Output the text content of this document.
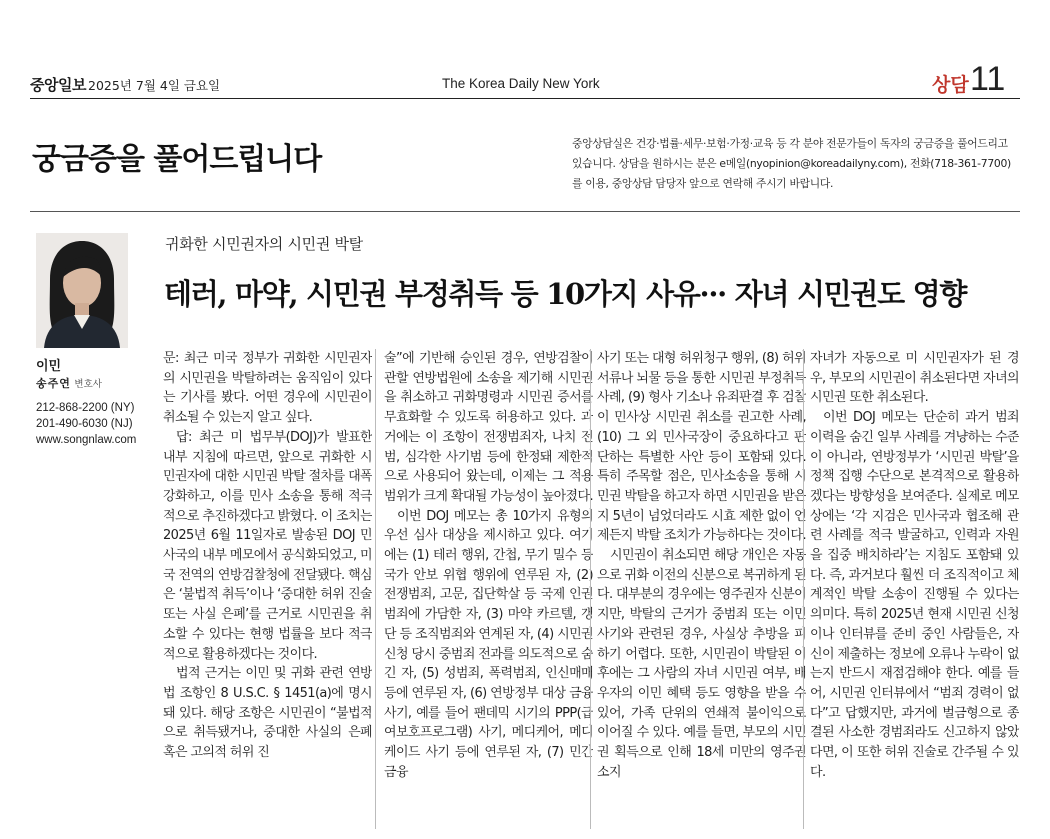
중앙일보 2025년 7월 4일 금요일	The Korea Daily New York	상담 11
궁금증을 풀어드립니다	중앙상담실은 건강·법률·세무·보험·가정·교육 등 각 분야 전문가들이 독자의 궁금증을 풀어드리고 있습니다. 상담을 원하시는 분은 e메일(nyopinion@koreadailyny.com), 전화(718-361-7700)를 이용, 중앙상담 담당자 앞으로 연락해 주시기 바랍니다.
이민
송주연 변호사
212-868-2200 (NY)
201-490-6030 (NJ)
www.songnlaw.com
귀화한 시민권자의 시민권 박탈
테러, 마약, 시민권 부정취득 등 10가지 사유··· 자녀 시민권도 영향

문: 최근 미국 정부가 귀화한 시민권자의 시민권을 박탈하려는 움직임이 있다는 기사를 봤다. 어떤 경우에 시민권이 취소될 수 있는지 알고 싶다.

답: 최근 미 법무부(DOJ)가 발표한 내부 지침에 따르면, 앞으로 귀화한 시민권자에 대한 시민권 박탈 절차를 대폭 강화하고, 이를 민사 소송을 통해 적극적으로 추진하겠다고 밝혔다. 이 조치는 2025년 6월 11일자로 발송된 DOJ 민사국의 내부 메모에서 공식화되었고, 미국 전역의 연방검찰청에 전달됐다. 핵심은 ‘불법적 취득’이나 ‘중대한 허위 진술 또는 사실 은폐’를 근거로 시민권을 취소할 수 있다는 현행 법률을 보다 적극적으로 활용하겠다는 것이다.

법적 근거는 이민 및 귀화 관련 연방법 조항인 8 U.S.C. § 1451(a)에 명시돼 있다. 해당 조항은 시민권이 “불법적으로 취득됐거나, 중대한 사실의 은폐 혹은 고의적 허위 진

술”에 기반해 승인된 경우, 연방검찰이 관할 연방법원에 소송을 제기해 시민권을 취소하고 귀화명령과 시민권 증서를 무효화할 수 있도록 허용하고 있다. 과거에는 이 조항이 전쟁범죄자, 나치 전범, 심각한 사기범 등에 한정돼 제한적으로 사용되어 왔는데, 이제는 그 적용 범위가 크게 확대될 가능성이 높아졌다.

이번 DOJ 메모는 총 10가지 유형의 우선 심사 대상을 제시하고 있다. 여기에는 (1) 테러 행위, 간첩, 무기 밀수 등 국가 안보 위협 행위에 연루된 자, (2) 전쟁범죄, 고문, 집단학살 등 국제 인권범죄에 가담한 자, (3) 마약 카르텔, 갱단 등 조직범죄와 연계된 자, (4) 시민권 신청 당시 중범죄 전과를 의도적으로 숨긴 자, (5) 성범죄, 폭력범죄, 인신매매 등에 연루된 자, (6) 연방정부 대상 금융사기, 예를 들어 팬데믹 시기의 PPP(급여보호프로그램) 사기, 메디케어, 메디케이드 사기 등에 연루된 자, (7) 민간 금융

사기 또는 대형 허위청구 행위, (8) 허위서류나 뇌물 등을 통한 시민권 부정취득 사례, (9) 형사 기소나 유죄판결 후 검찰이 민사상 시민권 취소를 권고한 사례, (10) 그 외 민사국장이 중요하다고 판단하는 특별한 사안 등이 포함돼 있다. 특히 주목할 점은, 민사소송을 통해 시민권 박탈을 하고자 하면 시민권을 받은 지 5년이 넘었더라도 시효 제한 없이 언제든지 박탈 조치가 가능하다는 것이다.

시민권이 취소되면 해당 개인은 자동으로 귀화 이전의 신분으로 복귀하게 된다. 대부분의 경우에는 영주권자 신분이지만, 박탈의 근거가 중범죄 또는 이민사기와 관련된 경우, 사실상 추방을 피하기 어렵다. 또한, 시민권이 박탈된 이후에는 그 사람의 자녀 시민권 여부, 배우자의 이민 혜택 등도 영향을 받을 수 있어, 가족 단위의 연쇄적 불이익으로 이어질 수 있다. 예를 들면, 부모의 시민권 획득으로 인해 18세 미만의 영주권 소지

자녀가 자동으로 미 시민권자가 된 경우, 부모의 시민권이 취소된다면 자녀의 시민권 또한 취소된다.

이번 DOJ 메모는 단순히 과거 범죄 이력을 숨긴 일부 사례를 겨냥하는 수준이 아니라, 연방정부가 ‘시민권 박탈’을 정책 집행 수단으로 본격적으로 활용하겠다는 방향성을 보여준다. 실제로 메모 상에는 ‘각 지검은 민사국과 협조해 관련 사례를 적극 발굴하고, 인력과 자원을 집중 배치하라’는 지침도 포함돼 있다. 즉, 과거보다 훨씬 더 조직적이고 체계적인 박탈 소송이 진행될 수 있다는 의미다. 특히 2025년 현재 시민권 신청이나 인터뷰를 준비 중인 사람들은, 자신이 제출하는 정보에 오류나 누락이 없는지 반드시 재점검해야 한다. 예를 들어, 시민권 인터뷰에서 “범죄 경력이 없다”고 답했지만, 과거에 벌금형으로 종결된 사소한 경범죄라도 신고하지 않았다면, 이 또한 허위 진술로 간주될 수 있다.
